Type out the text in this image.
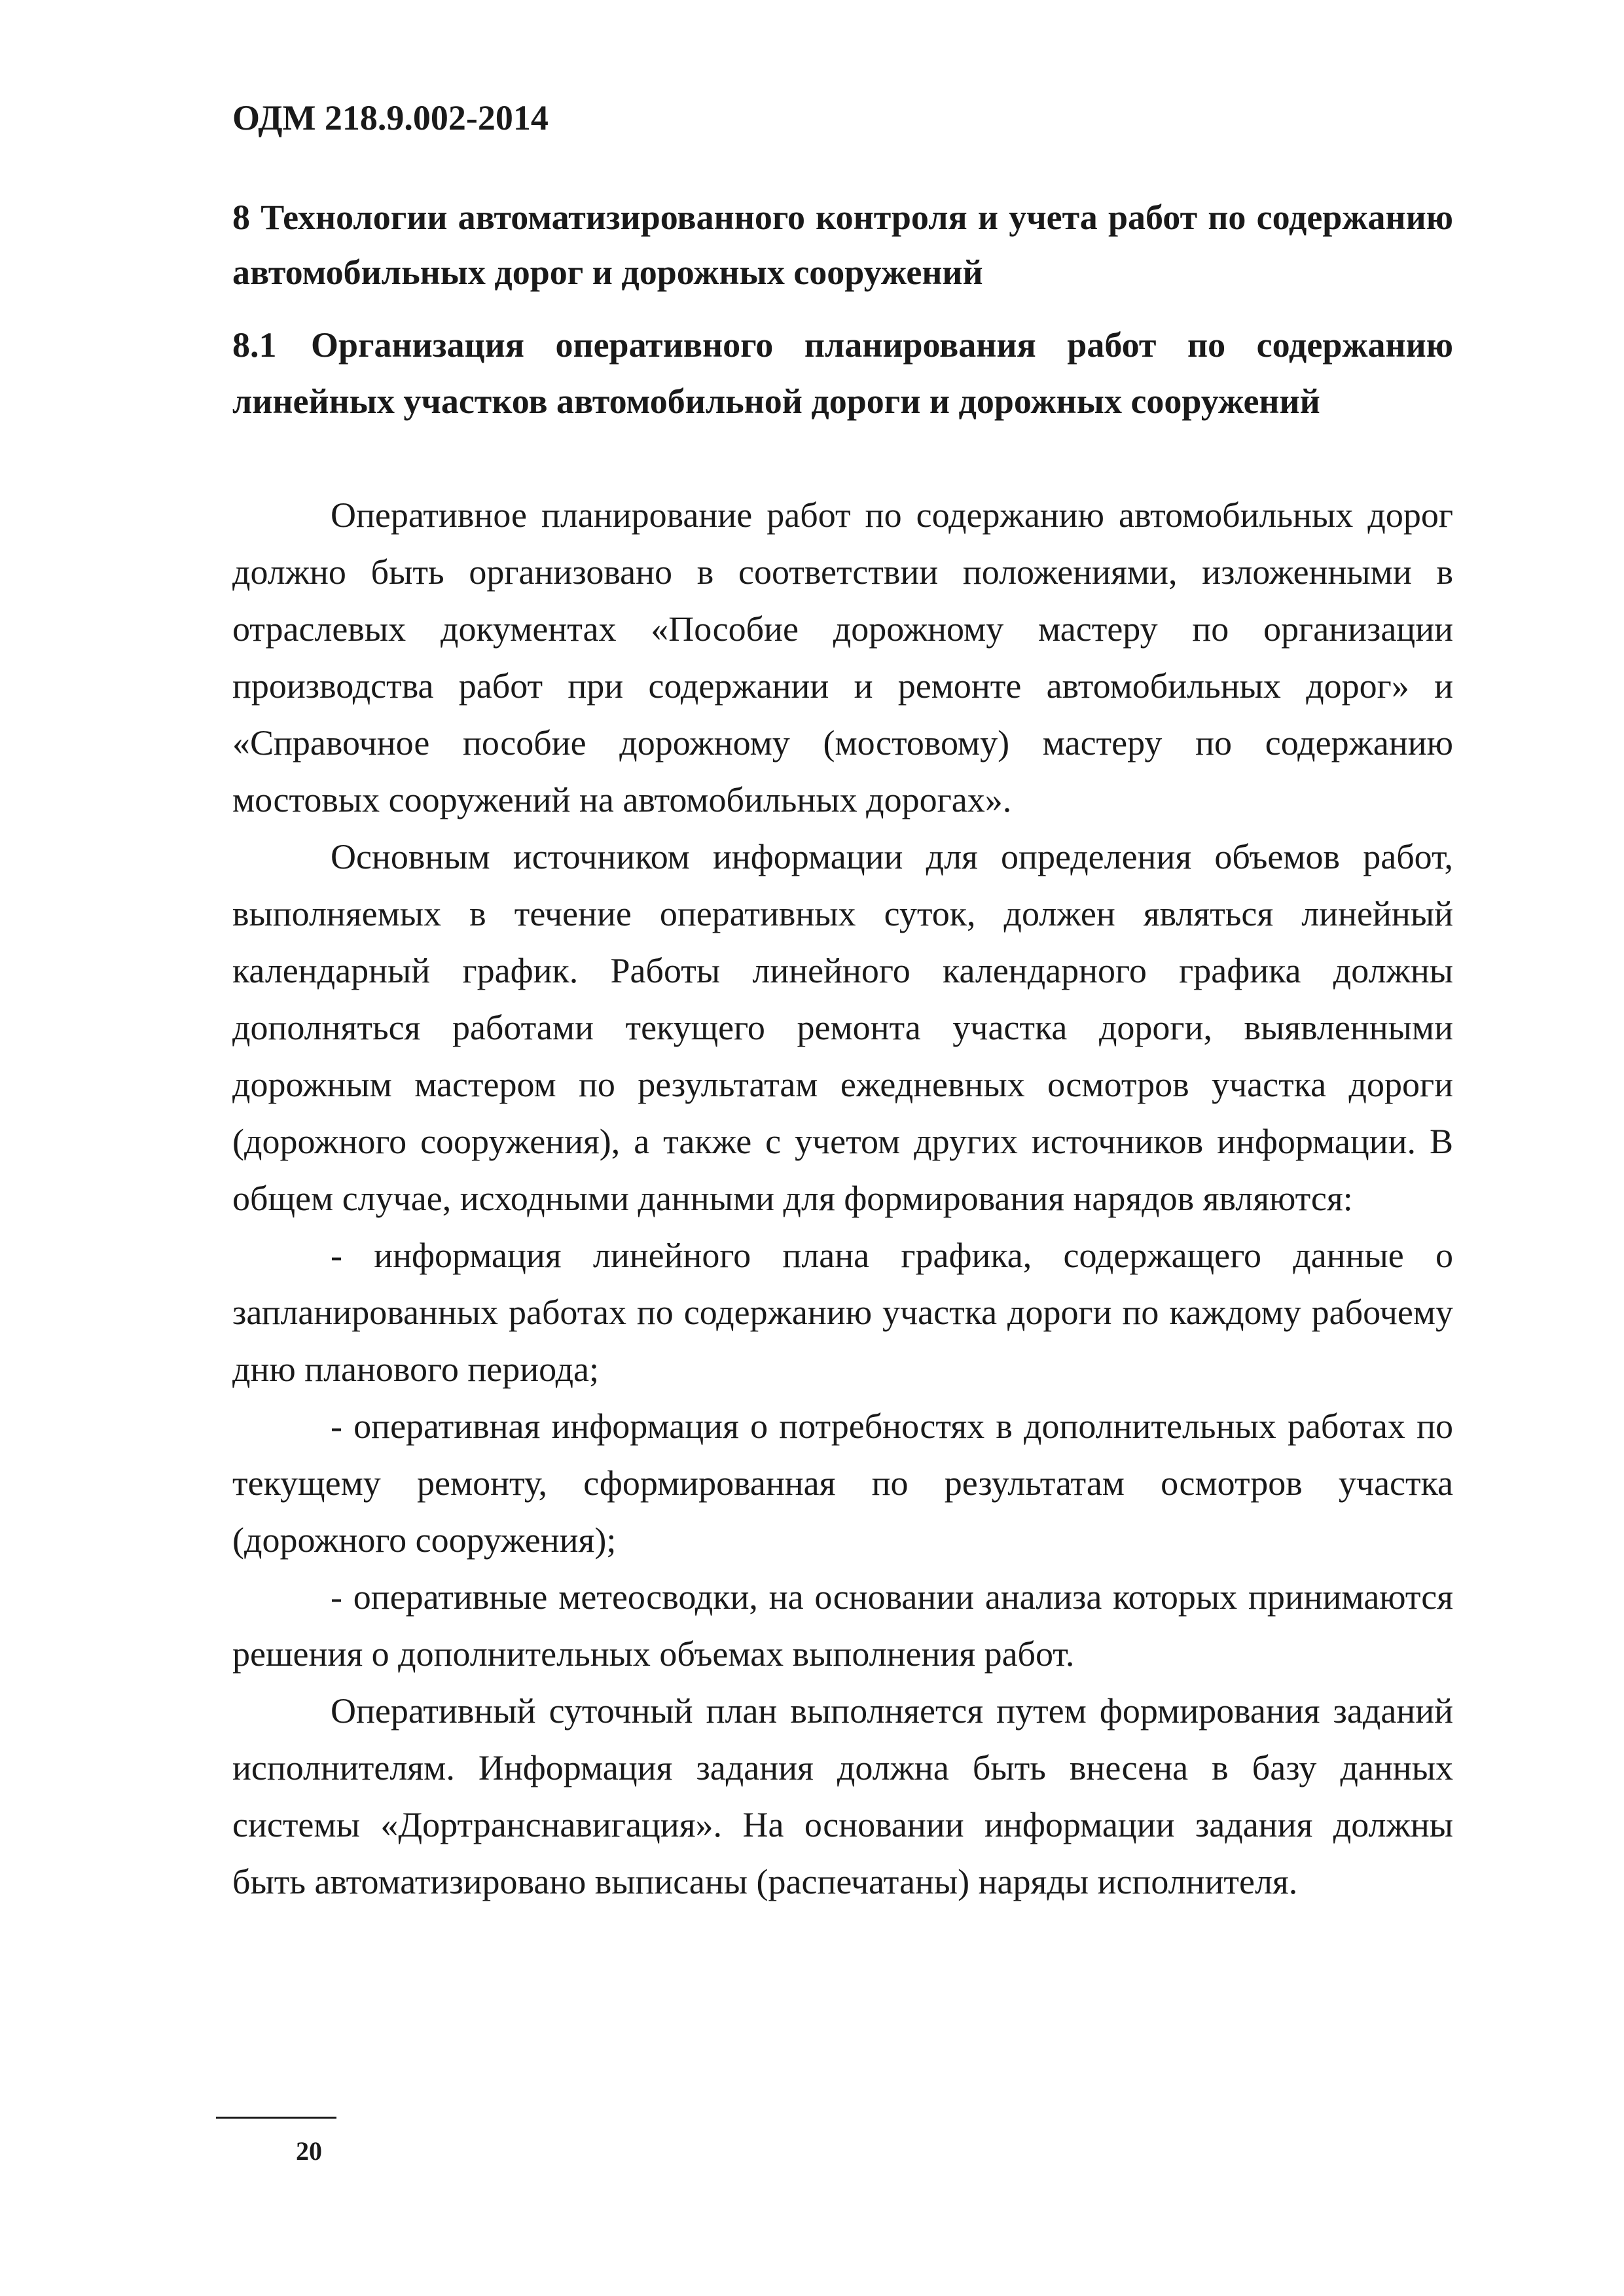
ОДМ 218.9.002-2014
8 Технологии автоматизированного контроля и учета работ по содержанию автомобильных дорог и дорожных сооружений
8.1 Организация оперативного планирования работ по содержанию линейных участков автомобильной дороги и дорожных сооружений

Оперативное планирование работ по содержанию автомобильных дорог должно быть организовано в соответствии положениями, изложенными в отраслевых документах «Пособие дорожному мастеру по организации производства работ при содержании и ремонте автомобильных дорог» и «Справочное пособие дорожному (мостовому) мастеру по содержанию мостовых сооружений на автомобильных дорогах».

Основным источником информации для определения объемов работ, выполняемых в течение оперативных суток, должен являться линейный календарный график. Работы линейного календарного графика должны дополняться работами текущего ремонта участка дороги, выявленными дорожным мастером по результатам ежедневных осмотров участка дороги (дорожного сооружения), а также с учетом других источников информации. В общем случае, исходными данными для формирования нарядов являются:

- информация линейного плана графика, содержащего данные о запланированных работах по содержанию участка дороги по каждому рабочему дню планового периода;

- оперативная информация о потребностях в дополнительных работах по текущему ремонту, сформированная по результатам осмотров участка (дорожного сооружения);

- оперативные метеосводки, на основании анализа которых принимаются решения о дополнительных объемах выполнения работ.

Оперативный суточный план выполняется путем формирования заданий исполнителям. Информация задания должна быть внесена в базу данных системы «Дортранснавигация». На основании информации задания должны быть автоматизировано выписаны (распечатаны) наряды исполнителя.

20
